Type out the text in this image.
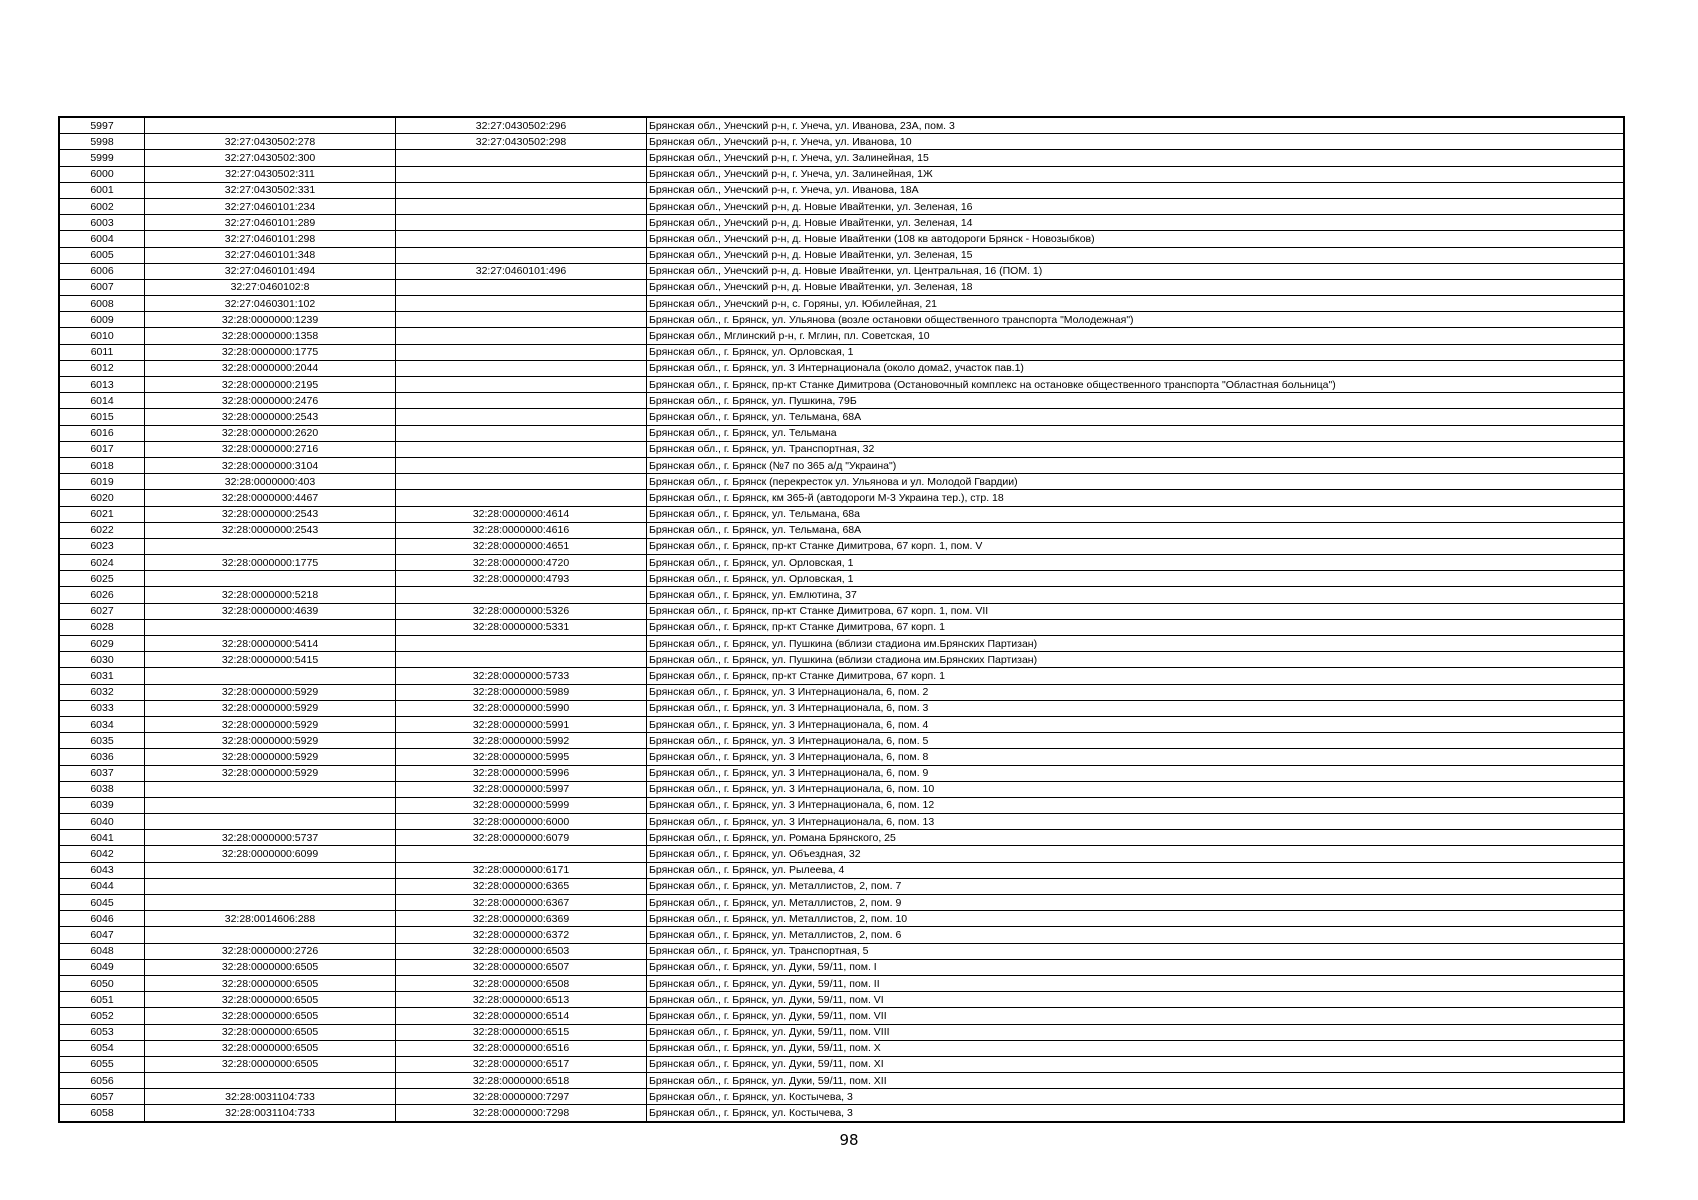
5997		32:27:0430502:296	Брянская обл., Унечский р-н, г. Унеча, ул. Иванова, 23А, пом. 3
5998	32:27:0430502:278	32:27:0430502:298	Брянская обл., Унечский р-н, г. Унеча, ул. Иванова, 10
5999	32:27:0430502:300		Брянская обл., Унечский р-н, г. Унеча, ул. Залинейная, 15
6000	32:27:0430502:311		Брянская обл., Унечский р-н, г. Унеча, ул. Залинейная, 1Ж
6001	32:27:0430502:331		Брянская обл., Унечский р-н, г. Унеча, ул. Иванова, 18А
6002	32:27:0460101:234		Брянская обл., Унечский р-н, д. Новые Ивайтенки, ул. Зеленая, 16
6003	32:27:0460101:289		Брянская обл., Унечский р-н, д. Новые Ивайтенки, ул. Зеленая, 14
6004	32:27:0460101:298		Брянская обл., Унечский р-н, д. Новые Ивайтенки (108 кв автодороги Брянск - Новозыбков)
6005	32:27:0460101:348		Брянская обл., Унечский р-н, д. Новые Ивайтенки, ул. Зеленая, 15
6006	32:27:0460101:494	32:27:0460101:496	Брянская обл., Унечский р-н, д. Новые Ивайтенки, ул. Центральная, 16 (ПОМ. 1)
6007	32:27:0460102:8		Брянская обл., Унечский р-н, д. Новые Ивайтенки, ул. Зеленая, 18
6008	32:27:0460301:102		Брянская обл., Унечский р-н, с. Горяны, ул. Юбилейная, 21
6009	32:28:0000000:1239		Брянская обл., г. Брянск, ул. Ульянова (возле остановки общественного транспорта "Молодежная")
6010	32:28:0000000:1358		Брянская обл., Мглинский р-н, г. Мглин, пл. Советская, 10
6011	32:28:0000000:1775		Брянская обл., г. Брянск, ул. Орловская, 1
6012	32:28:0000000:2044		Брянская обл., г. Брянск, ул. 3 Интернационала (около дома2, участок пав.1)
6013	32:28:0000000:2195		Брянская обл., г. Брянск, пр-кт Станке Димитрова (Остановочный комплекс на остановке общественного транспорта "Областная больница")
6014	32:28:0000000:2476		Брянская обл., г. Брянск, ул. Пушкина, 79Б
6015	32:28:0000000:2543		Брянская обл., г. Брянск, ул. Тельмана, 68А
6016	32:28:0000000:2620		Брянская обл., г. Брянск, ул. Тельмана
6017	32:28:0000000:2716		Брянская обл., г. Брянск, ул. Транспортная, 32
6018	32:28:0000000:3104		Брянская обл., г. Брянск (№7 по 365 а/д "Украина")
6019	32:28:0000000:403		Брянская обл., г. Брянск (перекресток ул. Ульянова и ул. Молодой Гвардии)
6020	32:28:0000000:4467		Брянская обл., г. Брянск, км 365-й (автодороги М-3 Украина тер.), стр. 18
6021	32:28:0000000:2543	32:28:0000000:4614	Брянская обл., г. Брянск, ул. Тельмана, 68а
6022	32:28:0000000:2543	32:28:0000000:4616	Брянская обл., г. Брянск, ул. Тельмана, 68А
6023		32:28:0000000:4651	Брянская обл., г. Брянск, пр-кт Станке Димитрова, 67 корп. 1, пом. V
6024	32:28:0000000:1775	32:28:0000000:4720	Брянская обл., г. Брянск, ул. Орловская, 1
6025		32:28:0000000:4793	Брянская обл., г. Брянск, ул. Орловская, 1
6026	32:28:0000000:5218		Брянская обл., г. Брянск, ул. Емлютина, 37
6027	32:28:0000000:4639	32:28:0000000:5326	Брянская обл., г. Брянск, пр-кт Станке Димитрова, 67 корп. 1, пом. VII
6028		32:28:0000000:5331	Брянская обл., г. Брянск, пр-кт Станке Димитрова, 67 корп. 1
6029	32:28:0000000:5414		Брянская обл., г. Брянск, ул. Пушкина (вблизи стадиона им.Брянских Партизан)
6030	32:28:0000000:5415		Брянская обл., г. Брянск, ул. Пушкина (вблизи стадиона им.Брянских Партизан)
6031		32:28:0000000:5733	Брянская обл., г. Брянск, пр-кт Станке Димитрова, 67 корп. 1
6032	32:28:0000000:5929	32:28:0000000:5989	Брянская обл., г. Брянск, ул. 3 Интернационала, 6, пом. 2
6033	32:28:0000000:5929	32:28:0000000:5990	Брянская обл., г. Брянск, ул. 3 Интернационала, 6, пом. 3
6034	32:28:0000000:5929	32:28:0000000:5991	Брянская обл., г. Брянск, ул. 3 Интернационала, 6, пом. 4
6035	32:28:0000000:5929	32:28:0000000:5992	Брянская обл., г. Брянск, ул. 3 Интернационала, 6, пом. 5
6036	32:28:0000000:5929	32:28:0000000:5995	Брянская обл., г. Брянск, ул. 3 Интернационала, 6, пом. 8
6037	32:28:0000000:5929	32:28:0000000:5996	Брянская обл., г. Брянск, ул. 3 Интернационала, 6, пом. 9
6038		32:28:0000000:5997	Брянская обл., г. Брянск, ул. 3 Интернационала, 6, пом. 10
6039		32:28:0000000:5999	Брянская обл., г. Брянск, ул. 3 Интернационала, 6, пом. 12
6040		32:28:0000000:6000	Брянская обл., г. Брянск, ул. 3 Интернационала, 6, пом. 13
6041	32:28:0000000:5737	32:28:0000000:6079	Брянская обл., г. Брянск, ул. Романа Брянского, 25
6042	32:28:0000000:6099		Брянская обл., г. Брянск, ул. Объездная, 32
6043		32:28:0000000:6171	Брянская обл., г. Брянск, ул. Рылеева, 4
6044		32:28:0000000:6365	Брянская обл., г. Брянск, ул. Металлистов, 2, пом. 7
6045		32:28:0000000:6367	Брянская обл., г. Брянск, ул. Металлистов, 2, пом. 9
6046	32:28:0014606:288	32:28:0000000:6369	Брянская обл., г. Брянск, ул. Металлистов, 2, пом. 10
6047		32:28:0000000:6372	Брянская обл., г. Брянск, ул. Металлистов, 2, пом. 6
6048	32:28:0000000:2726	32:28:0000000:6503	Брянская обл., г. Брянск, ул. Транспортная, 5
6049	32:28:0000000:6505	32:28:0000000:6507	Брянская обл., г. Брянск, ул. Дуки, 59/11, пом. I
6050	32:28:0000000:6505	32:28:0000000:6508	Брянская обл., г. Брянск, ул. Дуки, 59/11, пом. II
6051	32:28:0000000:6505	32:28:0000000:6513	Брянская обл., г. Брянск, ул. Дуки, 59/11, пом. VI
6052	32:28:0000000:6505	32:28:0000000:6514	Брянская обл., г. Брянск, ул. Дуки, 59/11, пом. VII
6053	32:28:0000000:6505	32:28:0000000:6515	Брянская обл., г. Брянск, ул. Дуки, 59/11, пом. VIII
6054	32:28:0000000:6505	32:28:0000000:6516	Брянская обл., г. Брянск, ул. Дуки, 59/11, пом. X
6055	32:28:0000000:6505	32:28:0000000:6517	Брянская обл., г. Брянск, ул. Дуки, 59/11, пом. XI
6056		32:28:0000000:6518	Брянская обл., г. Брянск, ул. Дуки, 59/11, пом. XII
6057	32:28:0031104:733	32:28:0000000:7297	Брянская обл., г. Брянск, ул. Костычева, 3
6058	32:28:0031104:733	32:28:0000000:7298	Брянская обл., г. Брянск, ул. Костычева, 3
98
